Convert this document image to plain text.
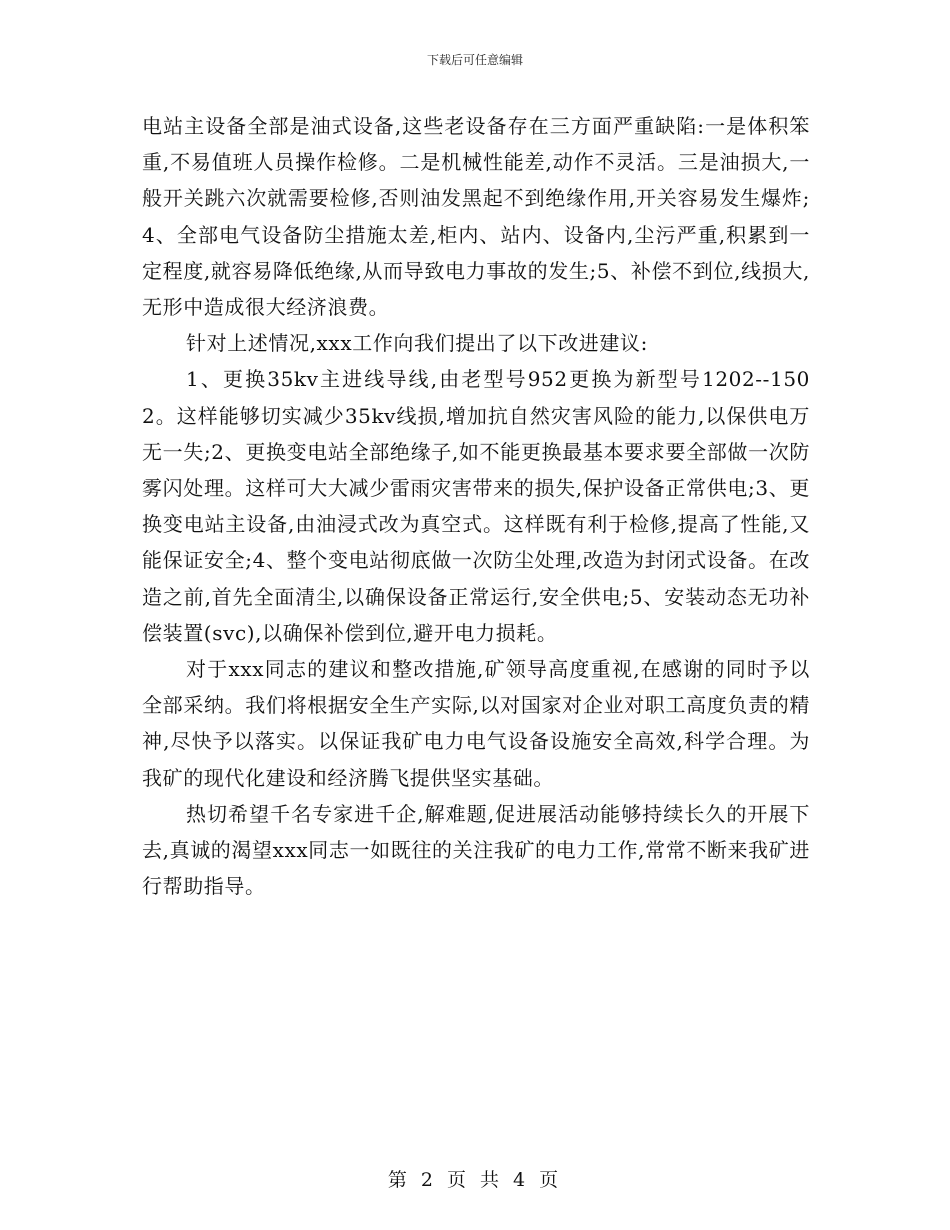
下载后可任意编辑

电站主设备全部是油式设备,这些老设备存在三方面严重缺陷:一是体积笨重,不易值班人员操作检修。二是机械性能差,动作不灵活。三是油损大,一般开关跳六次就需要检修,否则油发黑起不到绝缘作用,开关容易发生爆炸;4、全部电气设备防尘措施太差,柜内、站内、设备内,尘污严重,积累到一定程度,就容易降低绝缘,从而导致电力事故的发生;5、补偿不到位,线损大,无形中造成很大经济浪费。

针对上述情况,xxx工作向我们提出了以下改进建议:

1、更换35kv主进线导线,由老型号952更换为新型号1202--1502。这样能够切实减少35kv线损,增加抗自然灾害风险的能力,以保供电万无一失;2、更换变电站全部绝缘子,如不能更换最基本要求要全部做一次防雾闪处理。这样可大大减少雷雨灾害带来的损失,保护设备正常供电;3、更换变电站主设备,由油浸式改为真空式。这样既有利于检修,提高了性能,又能保证安全;4、整个变电站彻底做一次防尘处理,改造为封闭式设备。在改造之前,首先全面清尘,以确保设备正常运行,安全供电;5、安装动态无功补偿装置(svc),以确保补偿到位,避开电力损耗。

对于xxx同志的建议和整改措施,矿领导高度重视,在感谢的同时予以全部采纳。我们将根据安全生产实际,以对国家对企业对职工高度负责的精神,尽快予以落实。以保证我矿电力电气设备设施安全高效,科学合理。为我矿的现代化建设和经济腾飞提供坚实基础。

热切希望千名专家进千企,解难题,促进展活动能够持续长久的开展下去,真诚的渴望xxx同志一如既往的关注我矿的电力工作,常常不断来我矿进行帮助指导。

第 2 页 共 4 页
